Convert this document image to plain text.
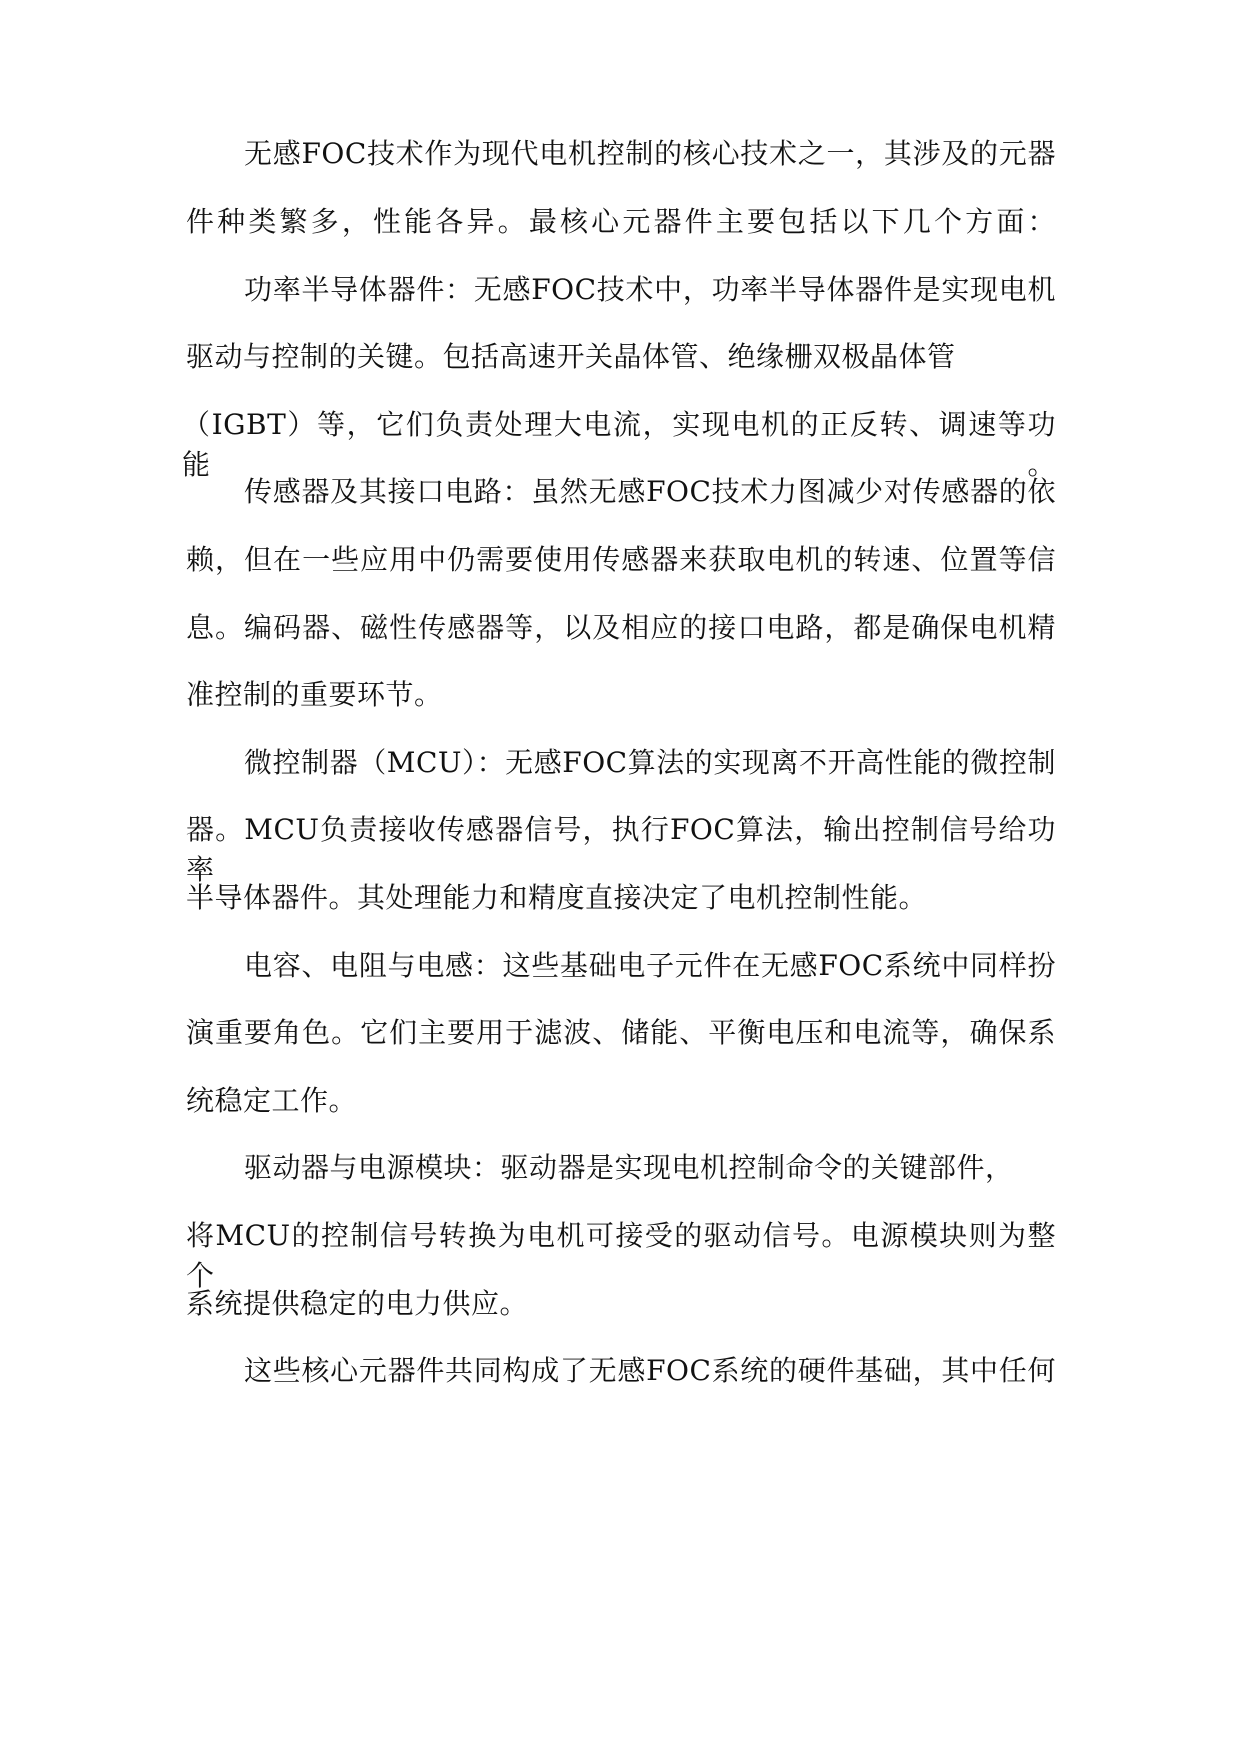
无感FOC技术作为现代电机控制的核心技术之一，其涉及的元器
件种类繁多，性能各异。最核心元器件主要包括以下几个方面：
功率半导体器件：无感FOC技术中，功率半导体器件是实现电机
驱动与控制的关键。包括高速开关晶体管、绝缘栅双极晶体管
（IGBT）等，它们负责处理大电流，实现电机的正反转、调速等功能。
传感器及其接口电路：虽然无感FOC技术力图减少对传感器的依
赖，但在一些应用中仍需要使用传感器来获取电机的转速、位置等信
息。编码器、磁性传感器等，以及相应的接口电路，都是确保电机精
准控制的重要环节。
微控制器（MCU）：无感FOC算法的实现离不开高性能的微控制
器。MCU负责接收传感器信号，执行FOC算法，输出控制信号给功率
半导体器件。其处理能力和精度直接决定了电机控制性能。
电容、电阻与电感：这些基础电子元件在无感FOC系统中同样扮
演重要角色。它们主要用于滤波、储能、平衡电压和电流等，确保系
统稳定工作。
驱动器与电源模块：驱动器是实现电机控制命令的关键部件，
将MCU的控制信号转换为电机可接受的驱动信号。电源模块则为整个
系统提供稳定的电力供应。
这些核心元器件共同构成了无感FOC系统的硬件基础，其中任何
